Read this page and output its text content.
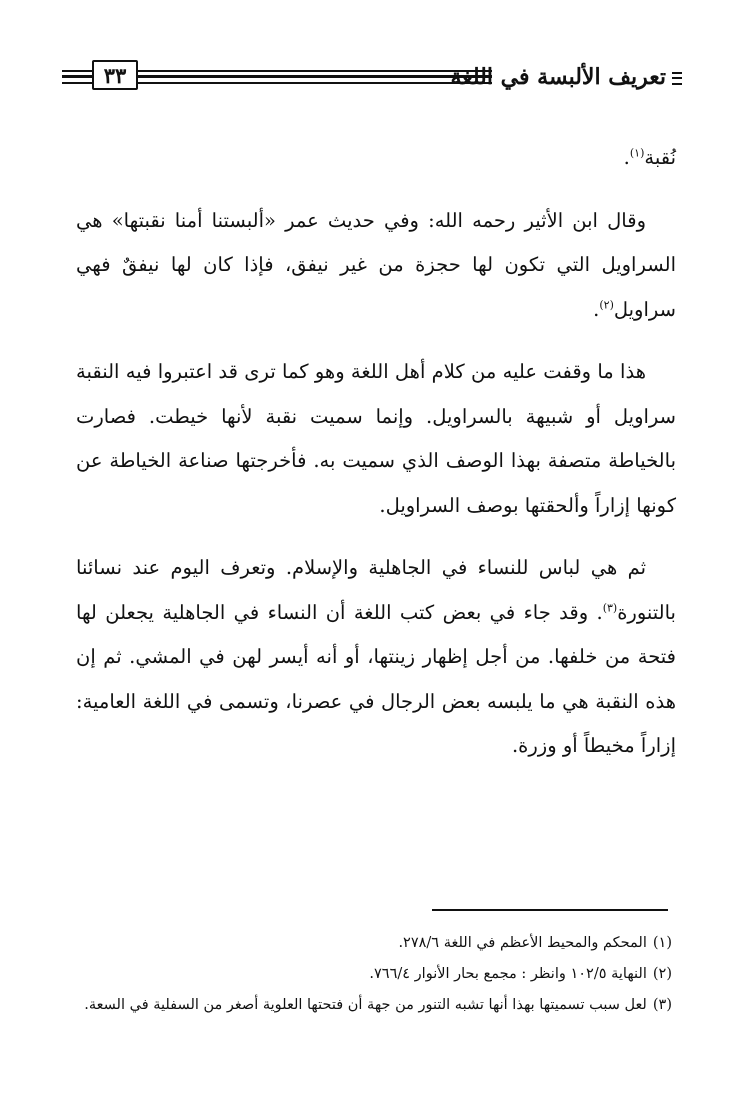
تعريف الألبسة في اللغة
٣٣

نُقبة$^{(١)}$.

وقال ابن الأثير رحمه الله: وفي حديث عمر «ألبستنا أمنا نقبتها» هي السراويل التي تكون لها حجزة من غير نيفق، فإذا كان لها نيفقٌ فهي سراويل$^{(٢)}$.

هذا ما وقفت عليه من كلام أهل اللغة وهو كما ترى قد اعتبروا فيه النقبة سراويل أو شبيهة بالسراويل. وإنما سميت نقبة لأنها خيطت. فصارت بالخياطة متصفة بهذا الوصف الذي سميت به. فأخرجتها صناعة الخياطة عن كونها إزاراً وألحقتها بوصف السراويل.

ثم هي لباس للنساء في الجاهلية والإسلام. وتعرف اليوم عند نسائنا بالتنورة$^{(٣)}$. وقد جاء في بعض كتب اللغة أن النساء في الجاهلية يجعلن لها فتحة من خلفها. من أجل إظهار زينتها، أو أنه أيسر لهن في المشي. ثم إن هذه النقبة هي ما يلبسه بعض الرجال في عصرنا، وتسمى في اللغة العامية: إزاراً مخيطاً أو وزرة.

(١)المحكم والمحيط الأعظم في اللغة ٢٧٨/٦.
(٢)النهاية ١٠٢/٥ وانظر : مجمع بحار الأنوار ٧٦٦/٤.
(٣)لعل سبب تسميتها بهذا أنها تشبه التنور من جهة أن فتحتها العلوية أصغر من السفلية في السعة.
